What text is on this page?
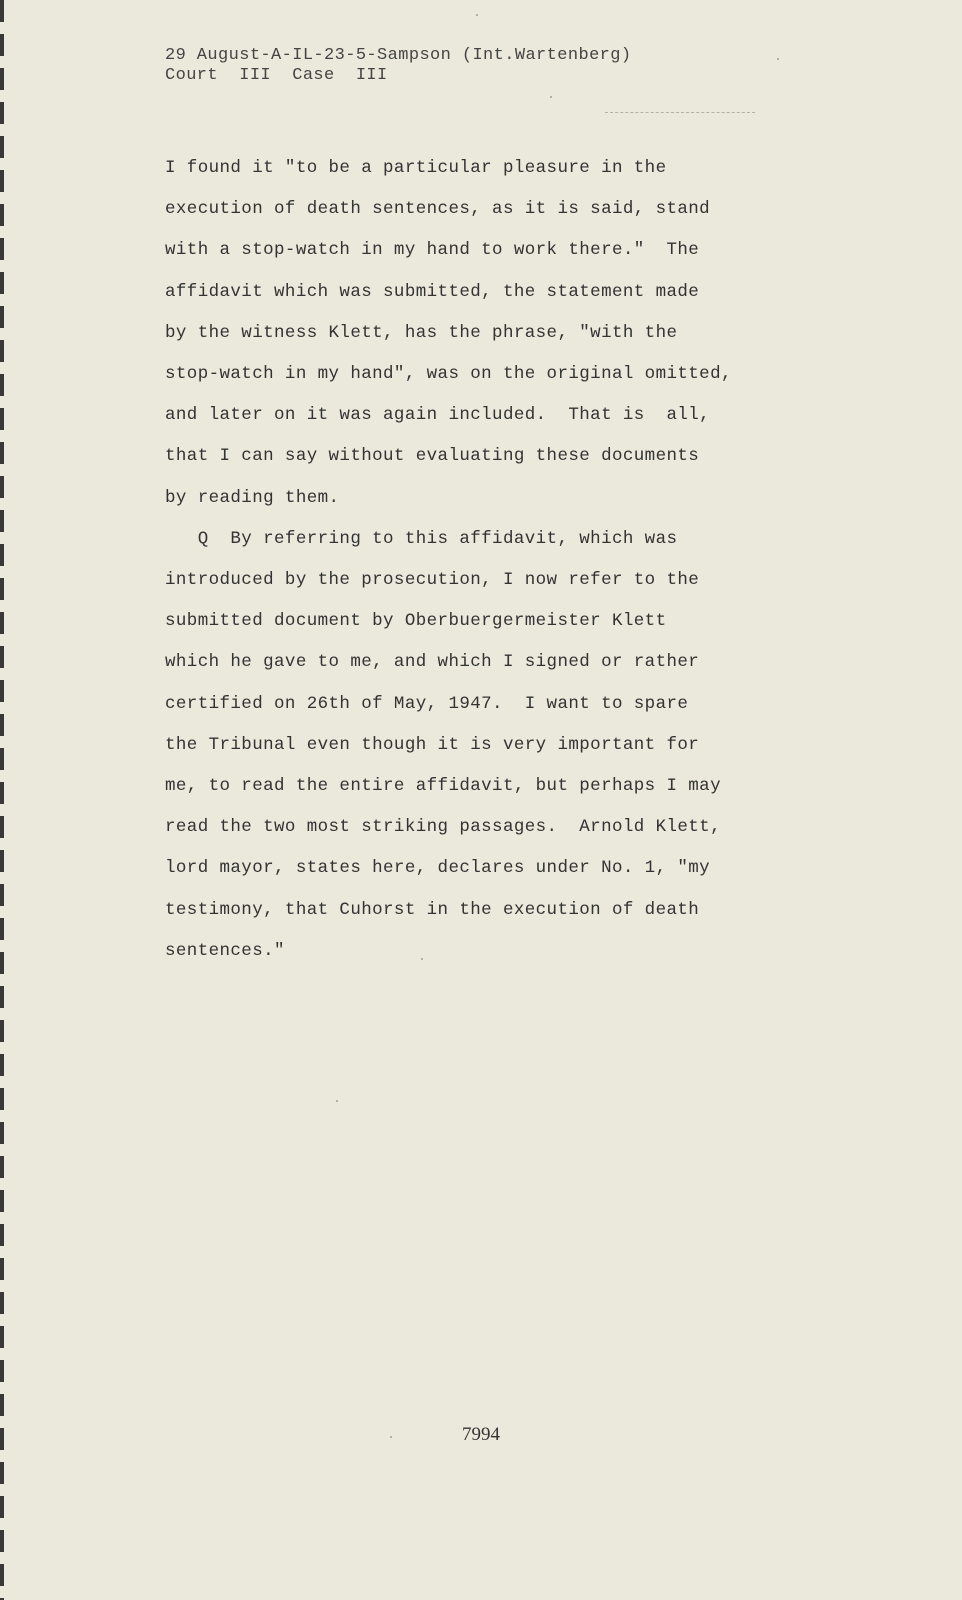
29 August-A-IL-23-5-Sampson (Int.Wartenberg)
Court  III  Case  III
I found it "to be a particular pleasure in the
execution of death sentences, as it is said, stand
with a stop-watch in my hand to work there."  The
affidavit which was submitted, the statement made
by the witness Klett, has the phrase, "with the
stop-watch in my hand", was on the original omitted,
and later on it was again included.  That is  all,
that I can say without evaluating these documents
by reading them.
Q  By referring to this affidavit, which was
introduced by the prosecution, I now refer to the
submitted document by Oberbuergermeister Klett
which he gave to me, and which I signed or rather
certified on 26th of May, 1947.  I want to spare
the Tribunal even though it is very important for
me, to read the entire affidavit, but perhaps I may
read the two most striking passages.  Arnold Klett,
lord mayor, states here, declares under No. 1, "my
testimony, that Cuhorst in the execution of death
sentences."
7994
